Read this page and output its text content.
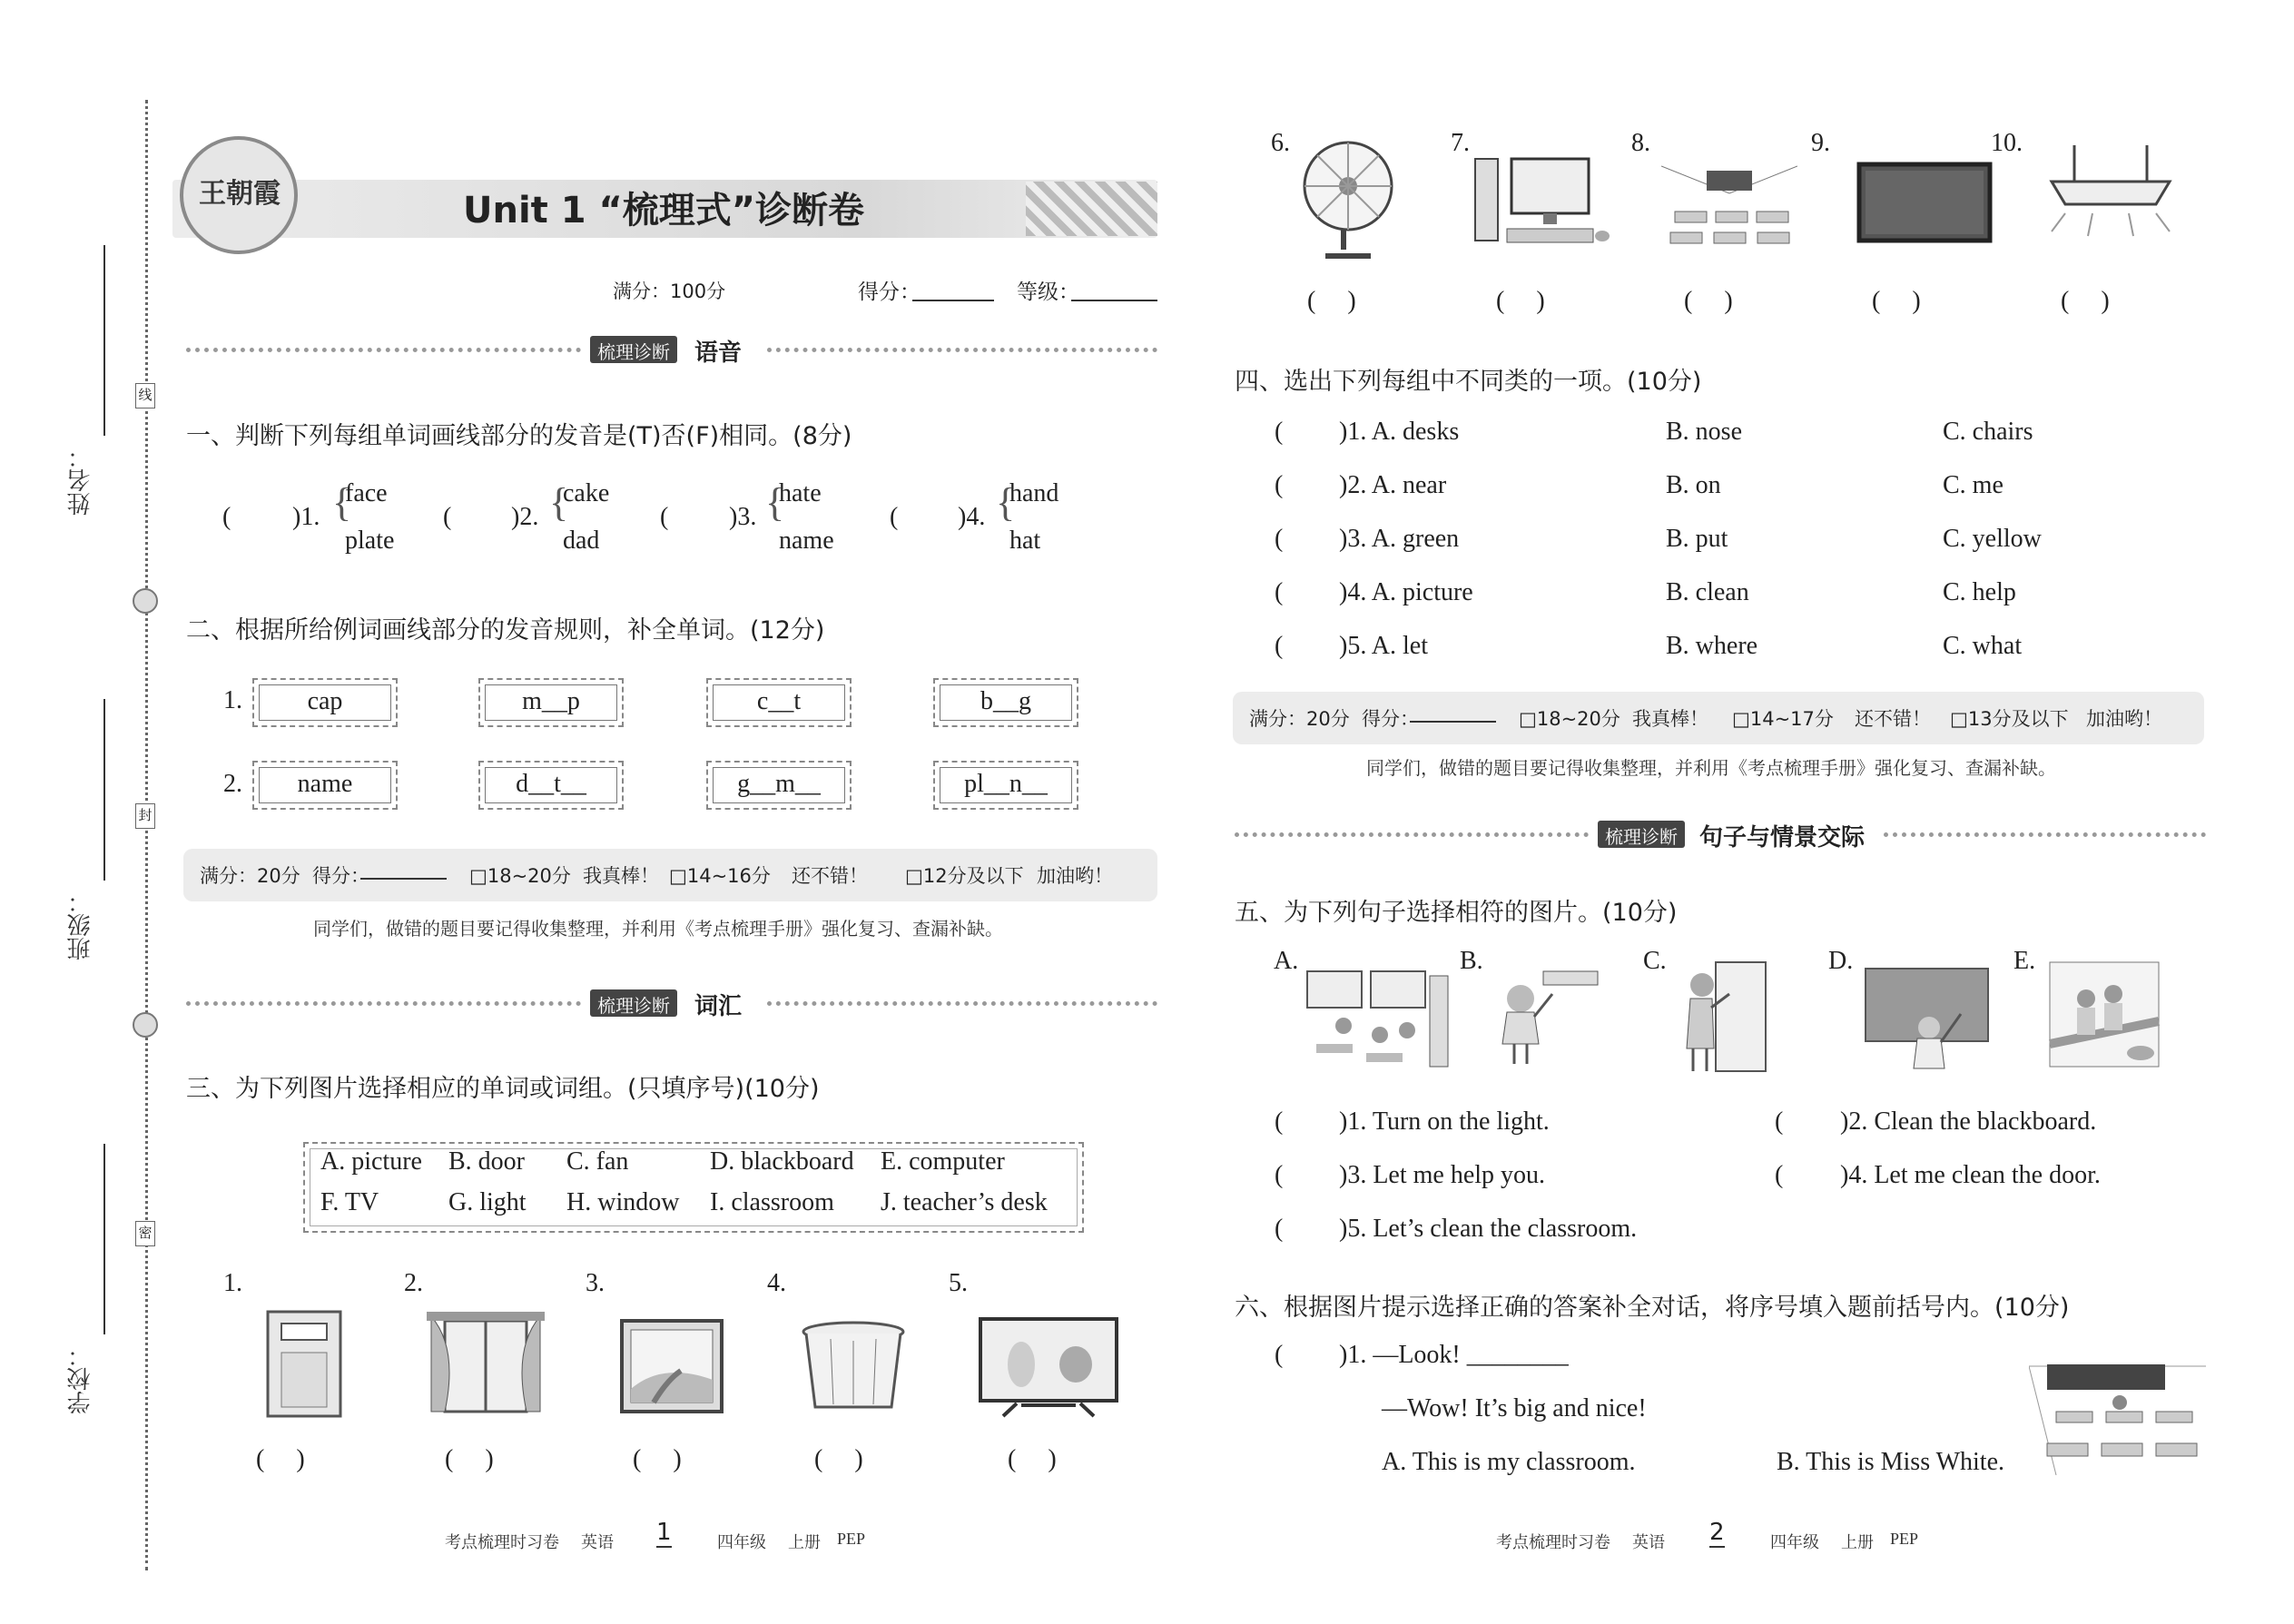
姓名：
班级：
学校：
线
封
密
王朝霞	Unit 1 “梳理式”诊断卷
满分：100分	得分：	等级：
梳理诊断	语音
一、判断下列每组单词画线部分的发音是(T)否(F)相同。(8分)
( )1. {
face
plate
( )2. {
cake
dad
( )3. {
hate
name
( )4. {
hand
hat
二、根据所给例词画线部分的发音规则，补全单词。(12分)
1.	cap	m__p	c__t	b__g
2.	name	d__t__	g__m__	pl__n__
满分：20分 得分：	□18~20分 我真棒！ □14~16分 还不错！ □12分及以下 加油哟！
同学们，做错的题目要记得收集整理，并利用《考点梳理手册》强化复习、查漏补缺。
梳理诊断	词汇
三、为下列图片选择相应的单词或词组。(只填序号)(10分)
A. picture B. door C. fan	D. blackboard E. computer
F. TV	G. light H. window I. classroom J. teacher’s desk
1.	2.	3.	4.	5.
(     )	(     )	(     )	(     )	(     )
考点梳理时习卷 英语 1	四年级 上册 PEP
6.	7.	8.	9.	10.
(     )	(     )	(     )	(     )	(     )
四、选出下列每组中不同类的一项。(10分)
( )1. A. desks	B. nose	C. chairs
( )2. A. near	B. on	C. me
( )3. A. green	B. put	C. yellow
( )4. A. picture	B. clean	C. help
( )5. A. let	B. where	C. what
满分：20分 得分：	□18~20分 我真棒！ □14~17分 还不错！ □13分及以下 加油哟！
同学们，做错的题目要记得收集整理，并利用《考点梳理手册》强化复习、查漏补缺。
梳理诊断 句子与情景交际
五、为下列句子选择相符的图片。(10分)
A.	B.	C.	D.	E.
( )1. Turn on the light.	( )2. Clean the blackboard.
( )3. Let me help you.	( )4. Let me clean the door.
( )5. Let’s clean the classroom.
六、根据图片提示选择正确的答案补全对话，将序号填入题前括号内。(10分)
( )1. —Look! ________
—Wow! It’s big and nice!
A. This is my classroom.	B. This is Miss White.
考点梳理时习卷 英语 2	四年级 上册 PEP
